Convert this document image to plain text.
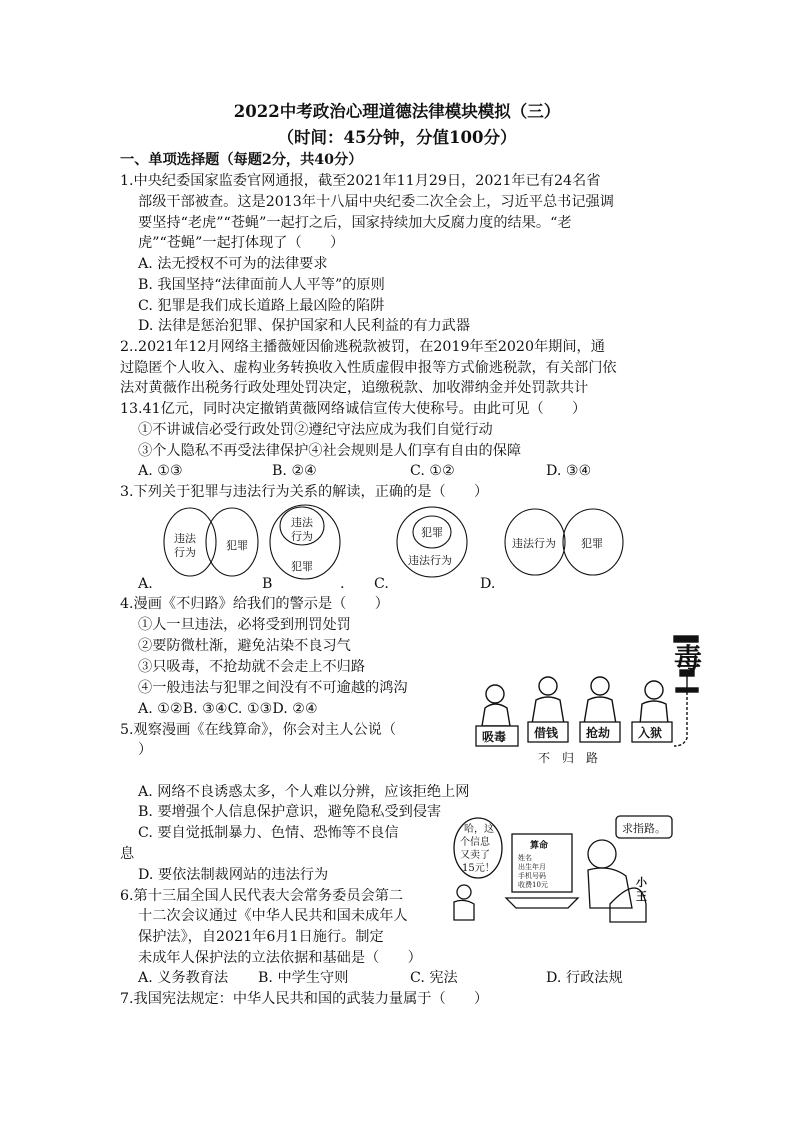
2022中考政治心理道德法律模块模拟（三）
（时间：45分钟，分值100分）
一、单项选择题（每题2分，共40分）
1.中央纪委国家监委官网通报，截至2021年11月29日，2021年已有24名省
部级干部被查。这是2013年十八届中央纪委二次全会上，习近平总书记强调
要坚持“老虎”“苍蝇”一起打之后，国家持续加大反腐力度的结果。“老
虎”“苍蝇”一起打体现了（　　）
A. 法无授权不可为的法律要求
B. 我国坚持“法律面前人人平等”的原则
C. 犯罪是我们成长道路上最凶险的陷阱
D. 法律是惩治犯罪、保护国家和人民利益的有力武器
2..2021年12月网络主播薇娅因偷逃税款被罚，在2019年至2020年期间，通
过隐匿个人收入、虚构业务转换收入性质虚假申报等方式偷逃税款，有关部门依
法对黄薇作出税务行政处理处罚决定，追缴税款、加收滞纳金并处罚款共计
13.41亿元，同时决定撤销黄薇网络诚信宣传大使称号。由此可见（　　）
①不讲诚信必受行政处罚②遵纪守法应成为我们自觉行动
③个人隐私不再受法律保护④社会规则是人们享有自由的保障
A. ①③	B. ②④	C. ①②	D. ③④
3.下列关于犯罪与违法行为关系的解读，正确的是（　　）
违法
行为
犯罪
违法
行为
犯罪
犯罪
违法行为
违法行为 犯罪
A.	B	. C.	D.
4.漫画《不归路》给我们的警示是（　　）
①人一旦违法，必将受到刑罚处罚
②要防微杜渐，避免沾染不良习气
③只吸毒，不抢劫就不会走上不归路
④一般违法与犯罪之间没有不可逾越的鸿沟
A. ①②B. ③④C. ①③D. ②④
毒
吸毒 借钱 抢劫 入狱
不　归　路
5.观察漫画《在线算命》，你会对主人公说（
）
A. 网络不良诱惑太多，个人难以分辨，应该拒绝上网
B. 要增强个人信息保护意识，避免隐私受到侵害
C. 要自觉抵制暴力、色情、恐怖等不良信
息
D. 要依法制裁网站的违法行为
哈，这
个信息
又卖了
15元！
算命
姓名
出生年月
手机号码
收费10元
求指路。
小
王
6.第十三届全国人民代表大会常务委员会第二
十二次会议通过《中华人民共和国未成年人
保护法》，自2021年6月1日施行。制定
未成年人保护法的立法依据和基础是（　　）
A. 义务教育法 B. 中学生守则	C. 宪法	D. 行政法规
7.我国宪法规定：中华人民共和国的武装力量属于（　　）
